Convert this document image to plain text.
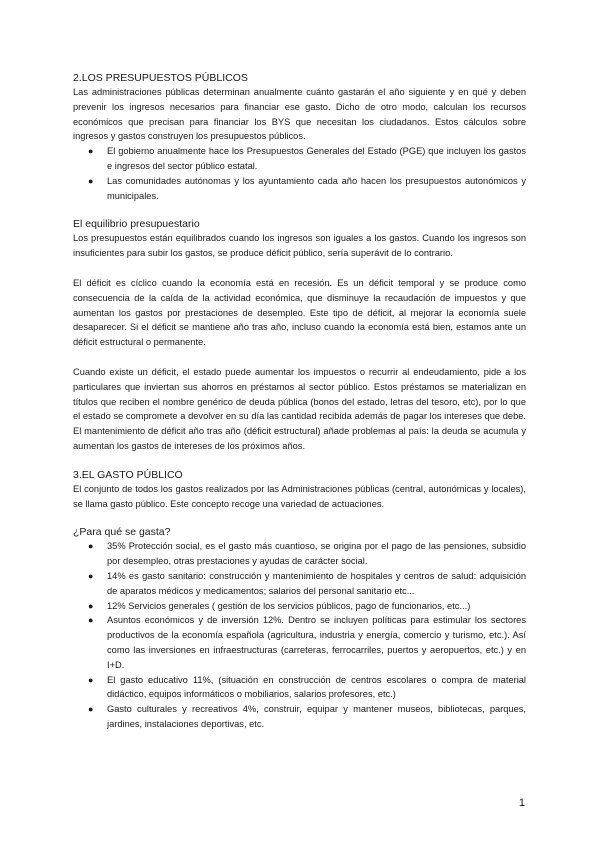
2.LOS PRESUPUESTOS PÚBLICOS

Las administraciones públicas determinan anualmente cuánto gastarán el año siguiente y en qué y deben prevenir los ingresos necesarios para financiar ese gasto. Dicho de otro modo, calculan los recursos económicos que precisan para financiar los BYS que necesitan los ciudadanos. Estos cálculos sobre ingresos y gastos construyen los presupuestos públicos.

● El gobierno anualmente hace los Presupuestos Generales del Estado (PGE) que incluyen los gastos e ingresos del sector público estatal.
● Las comunidades autónomas y los ayuntamiento cada año hacen los presupuestos autonómicos y municipales.

El equilibrio presupuestario

Los presupuestos están equilibrados cuando los ingresos son iguales a los gastos. Cuando los ingresos son insuficientes para subir los gastos, se produce déficit público, sería superávit de lo contrario.

El déficit es cíclico cuando la economía está en recesión. Es un déficit temporal y se produce como consecuencia de la caída de la actividad económica, que disminuye la recaudación de impuestos y que aumentan los gastos por prestaciones de desempleo. Este tipo de déficit, al mejorar la economía suele desaparecer. Si el déficit se mantiene año tras año, incluso cuando la economía está bien, estamos ante un déficit estructural o permanente.

Cuando existe un déficit, el estado puede aumentar los impuestos o recurrir al endeudamiento, pide a los particulares que inviertan sus ahorros en préstamos al sector público. Estos préstamos se materializan en títulos que reciben el nombre genérico de deuda pública (bonos del estado, letras del tesoro, etc), por lo que el estado se compromete a devolver en su día las cantidad recibida además de pagar los intereses que debe. El mantenimiento de déficit año tras año (déficit estructural) añade problemas al país: la deuda se acumula y aumentan los gastos de intereses de los próximos años.

3.EL GASTO PÚBLICO

El conjunto de todos los gastos realizados por las Administraciones públicas (central, autonómicas y locales), se llama gasto público. Este concepto recoge una variedad de actuaciones.

¿Para qué se gasta?

● 35% Protección social, es el gasto más cuantioso, se origina por el pago de las pensiones, subsidio por desempleo, otras prestaciones y ayudas de carácter social.
● 14% es gasto sanitario: construcción y mantenimiento de hospitales y centros de salud: adquisición de aparatos médicos y medicamentos; salarios del personal sanitario etc...
● 12% Servicios generales ( gestión de los servicios públicos, pago de funcionarios, etc...)
● Asuntos económicos y de inversión 12%. Dentro se incluyen políticas para estimular los sectores productivos de la economía española (agricultura, industria y energía, comercio y turismo, etc.). Así como las inversiones en infraestructuras (carreteras, ferrocarriles, puertos y aeropuertos, etc.) y en I+D.
● El gasto educativo 11%, (situación en construcción de centros escolares o compra de material didáctico, equipos informáticos o mobiliarios, salarios profesores, etc.)
● Gasto culturales y recreativos 4%, construir, equipar y mantener museos, bibliotecas, parques, jardines, instalaciones deportivas, etc.
1
